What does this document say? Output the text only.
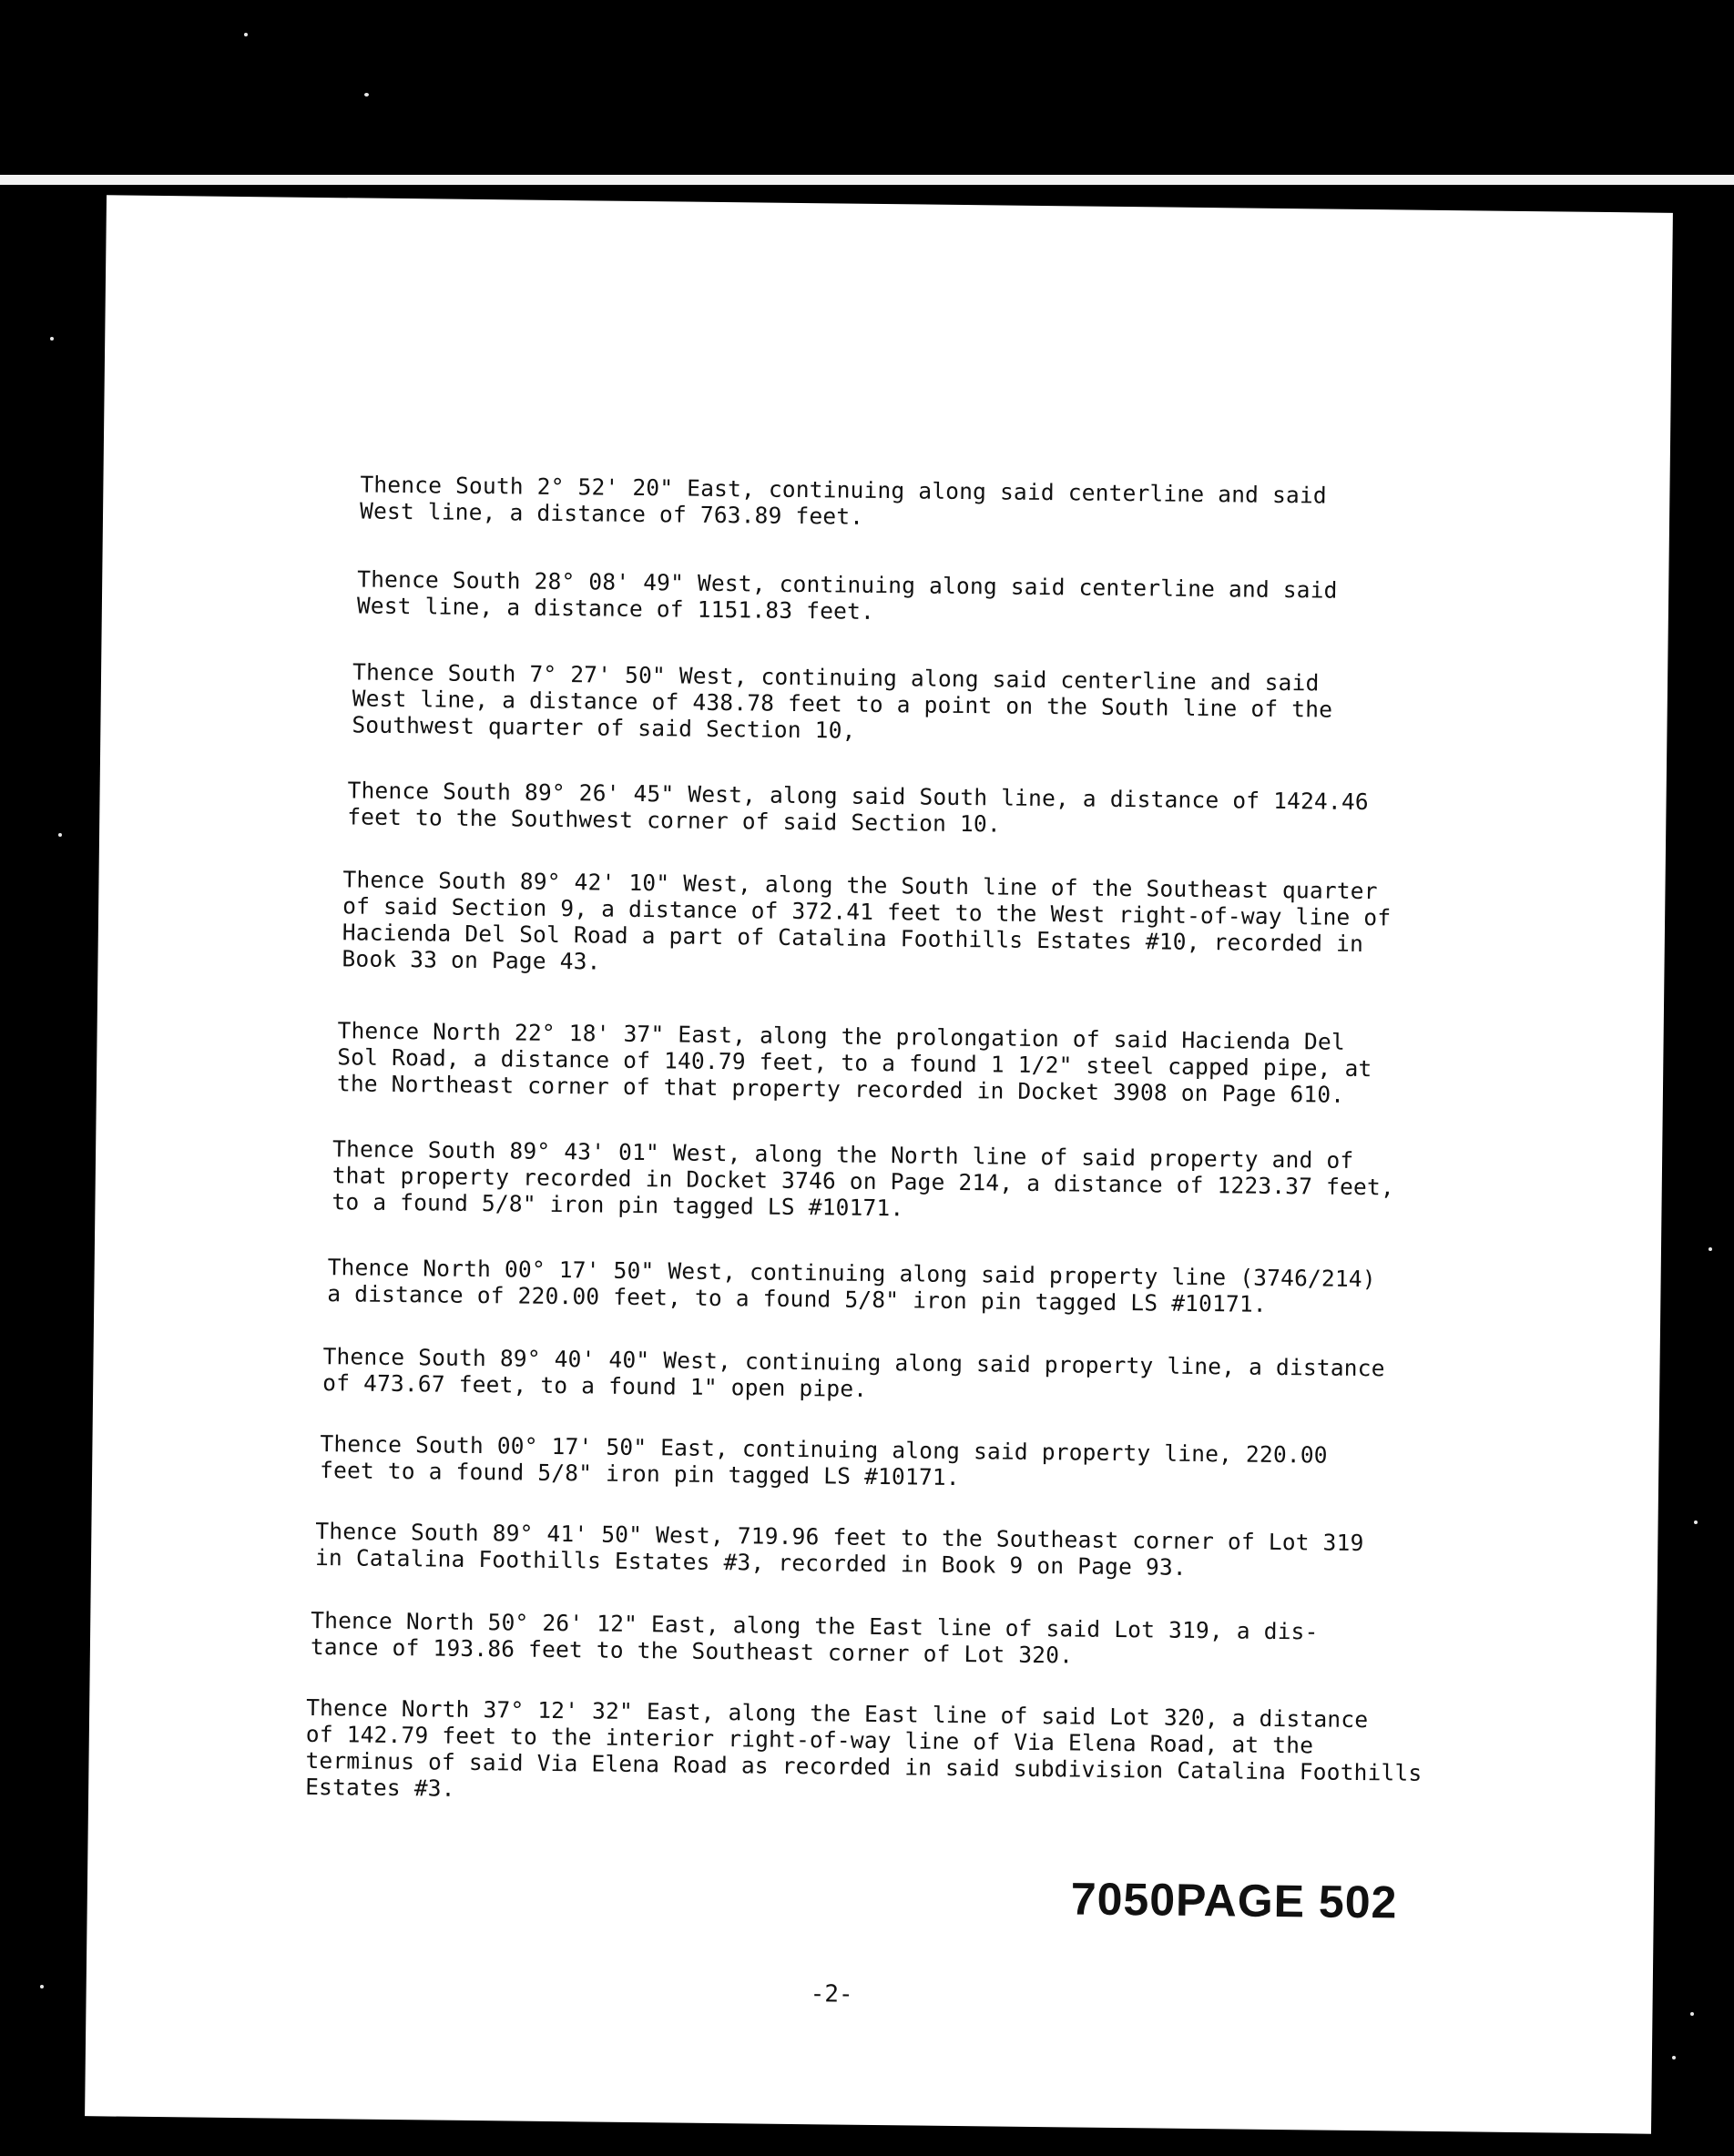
Thence South 2° 52' 20" East, continuing along said centerline and said
West line, a distance of 763.89 feet.

Thence South 28° 08' 49" West, continuing along said centerline and said
West line, a distance of 1151.83 feet.

Thence South 7° 27' 50" West, continuing along said centerline and said
West line, a distance of 438.78 feet to a point on the South line of the
Southwest quarter of said Section 10,

Thence South 89° 26' 45" West, along said South line, a distance of 1424.46
feet to the Southwest corner of said Section 10.

Thence South 89° 42' 10" West, along the South line of the Southeast quarter
of said Section 9, a distance of 372.41 feet to the West right-of-way line of
Hacienda Del Sol Road a part of Catalina Foothills Estates #10, recorded in
Book 33 on Page 43.

Thence North 22° 18' 37" East, along the prolongation of said Hacienda Del
Sol Road, a distance of 140.79 feet, to a found 1 1/2" steel capped pipe, at
the Northeast corner of that property recorded in Docket 3908 on Page 610.

Thence South 89° 43' 01" West, along the North line of said property and of
that property recorded in Docket 3746 on Page 214, a distance of 1223.37 feet,
to a found 5/8" iron pin tagged LS #10171.

Thence North 00° 17' 50" West, continuing along said property line (3746/214)
a distance of 220.00 feet, to a found 5/8" iron pin tagged LS #10171.

Thence South 89° 40' 40" West, continuing along said property line, a distance
of 473.67 feet, to a found 1" open pipe.

Thence South 00° 17' 50" East, continuing along said property line, 220.00
feet to a found 5/8" iron pin tagged LS #10171.

Thence South 89° 41' 50" West, 719.96 feet to the Southeast corner of Lot 319
in Catalina Foothills Estates #3, recorded in Book 9 on Page 93.

Thence North 50° 26' 12" East, along the East line of said Lot 319, a dis-
tance of 193.86 feet to the Southeast corner of Lot 320.

Thence North 37° 12' 32" East, along the East line of said Lot 320, a distance
of 142.79 feet to the interior right-of-way line of Via Elena Road, at the
terminus of said Via Elena Road as recorded in said subdivision Catalina Foothills
Estates #3.

7050PAGE 502
-2-
